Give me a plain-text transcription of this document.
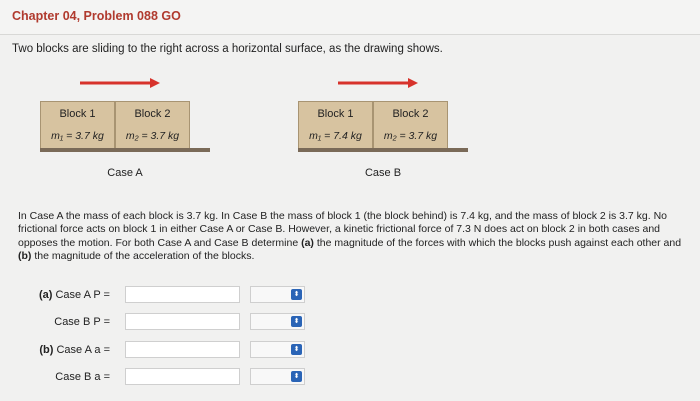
Chapter 04, Problem 088 GO
Two blocks are sliding to the right across a horizontal surface, as the drawing shows.
Block 1
m₁ = 3.7 kg
Block 2
m₂ = 3.7 kg
Case A
Block 1
m₁ = 7.4 kg
Block 2
m₂ = 3.7 kg
Case B
In Case A the mass of each block is 3.7 kg. In Case B the mass of block 1 (the block behind) is 7.4 kg, and the mass of block 2 is 3.7 kg. No frictional force acts on block 1 in either Case A or Case B. However, a kinetic frictional force of 7.3 N does act on block 2 in both cases and opposes the motion. For both Case A and Case B determine (a) the magnitude of the forces with which the blocks push against each other and (b) the magnitude of the acceleration of the blocks.
(a) Case A P =	⬍
Case B P =	⬍
(b) Case A a =	⬍
Case B a =	⬍
